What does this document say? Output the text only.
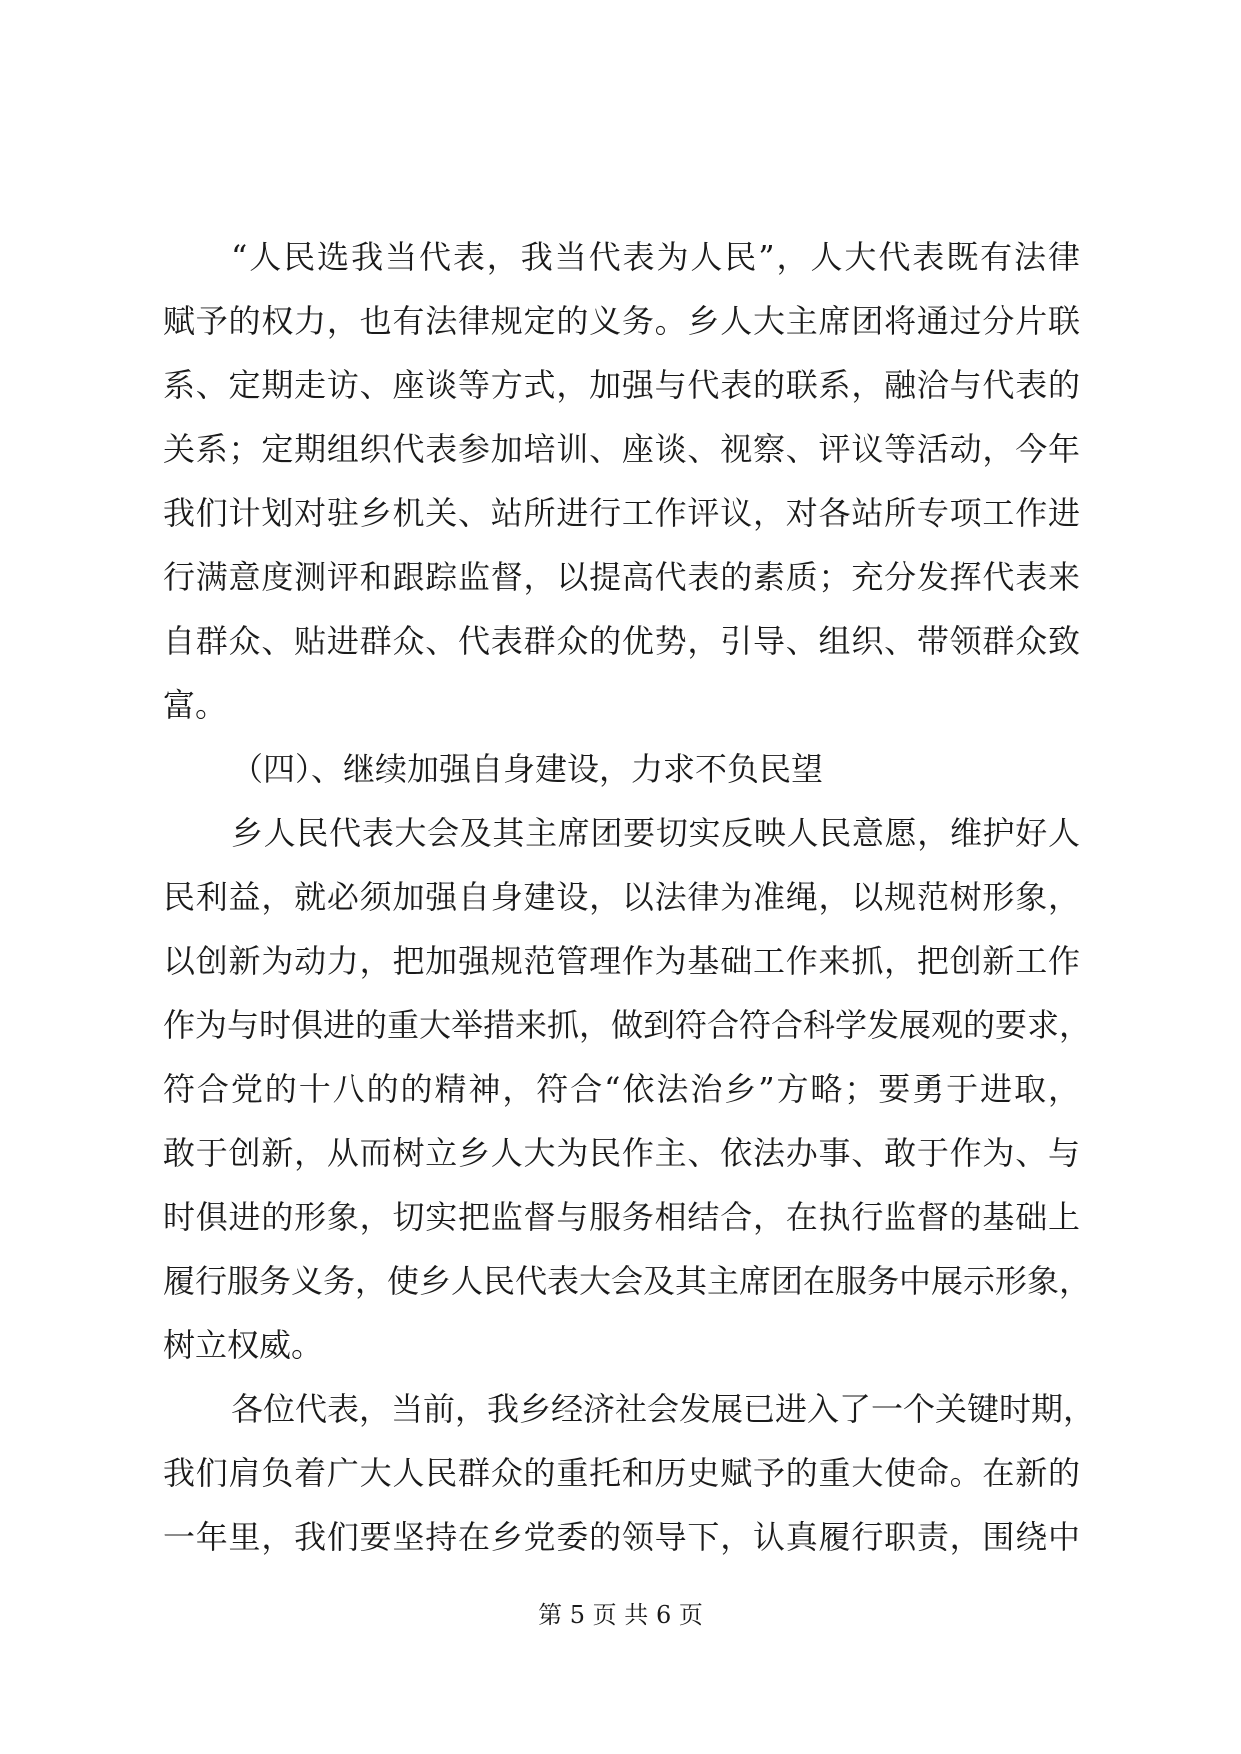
“人民选我当代表，我当代表为人民”，人大代表既有法律
赋予的权力，也有法律规定的义务。乡人大主席团将通过分片联
系、定期走访、座谈等方式，加强与代表的联系，融洽与代表的
关系；定期组织代表参加培训、座谈、视察、评议等活动，今年
我们计划对驻乡机关、站所进行工作评议，对各站所专项工作进
行满意度测评和跟踪监督，以提高代表的素质；充分发挥代表来
自群众、贴进群众、代表群众的优势，引导、组织、带领群众致
富。
（四）、继续加强自身建设，力求不负民望
乡人民代表大会及其主席团要切实反映人民意愿，维护好人
民利益，就必须加强自身建设，以法律为准绳，以规范树形象，
以创新为动力，把加强规范管理作为基础工作来抓，把创新工作
作为与时俱进的重大举措来抓，做到符合符合科学发展观的要求，
符合党的十八的的精神，符合“依法治乡”方略；要勇于进取，
敢于创新，从而树立乡人大为民作主、依法办事、敢于作为、与
时俱进的形象，切实把监督与服务相结合，在执行监督的基础上
履行服务义务，使乡人民代表大会及其主席团在服务中展示形象，
树立权威。
各位代表，当前，我乡经济社会发展已进入了一个关键时期，
我们肩负着广大人民群众的重托和历史赋予的重大使命。在新的
一年里，我们要坚持在乡党委的领导下，认真履行职责，围绕中
第 5 页 共 6 页
